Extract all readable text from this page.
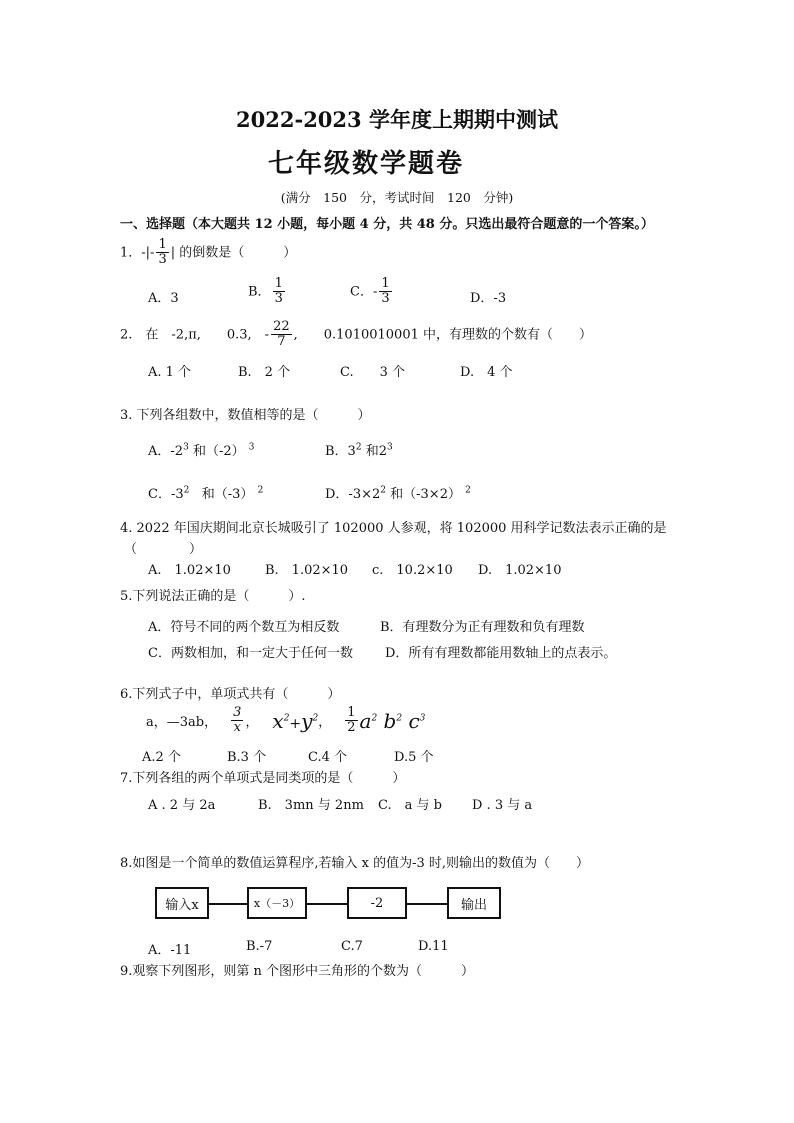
2022-2023 学年度上期期中测试
七年级数学题卷
(满分　150　分，考试时间　120　分钟)
一、选择题（本大题共 12 小题，每小题 4 分，共 48 分。只选出最符合题意的一个答案。）
1．-|- $\frac{1}{3}$ | 的倒数是（　　　）
A．3	B． $\frac{1}{3}$	C．- $\frac{1}{3}$	D．-3
2.　在　-2,π,　　0.3,　- $\frac{22}{7}$ ,　　0.1010010001 中，有理数的个数有（　　）
A. 1 个	B.　2 个	C.　　3 个	D.　4 个
3. 下列各组数中，数值相等的是（　　　）
A．$-2^3$ 和（-2） $^3$	B．$3^2$ 和$2^3$
C．$-3^2$ 和（-3） $^2$	D．$-3\times 2^2$ 和（-3×2） $^2$
4. 2022 年国庆期间北京长城吸引了 102000 人参观，将 102000 用科学记数法表示正确的是
（　　　　）
A.　1.02×10	B.　1.02×10 c.　10.2×10 D.　1.02×10
5.下列说法正确的是（　　　）.
A．符号不同的两个数互为相反数	B．有理数分为正有理数和负有理数
C．两数相加，和一定大于任何一数 D．所有有理数都能用数轴上的点表示。
6.下列式子中，单项式共有（　　　）
a，—3ab， $\frac{3}{x}$ ， $x^2+y^2$ ， $\frac{1}{2} a^2$ $b^2$ $c^3$
A.2 个	B.3 个	C.4 个	D.5 个
7.下列各组的两个单项式是同类项的是（　　　）
A . 2 与 2a	B.　3mn 与 2nm C.　a 与 b D . 3 与 a
8.如图是一个简单的数值运算程序,若输入 x 的值为-3 时,则输出的数值为（　　）
输入x	x（－3）	-2	输出
A．-11	B.-7	C.7	D.11
9.观察下列图形，则第 n 个图形中三角形的个数为（　　　）
